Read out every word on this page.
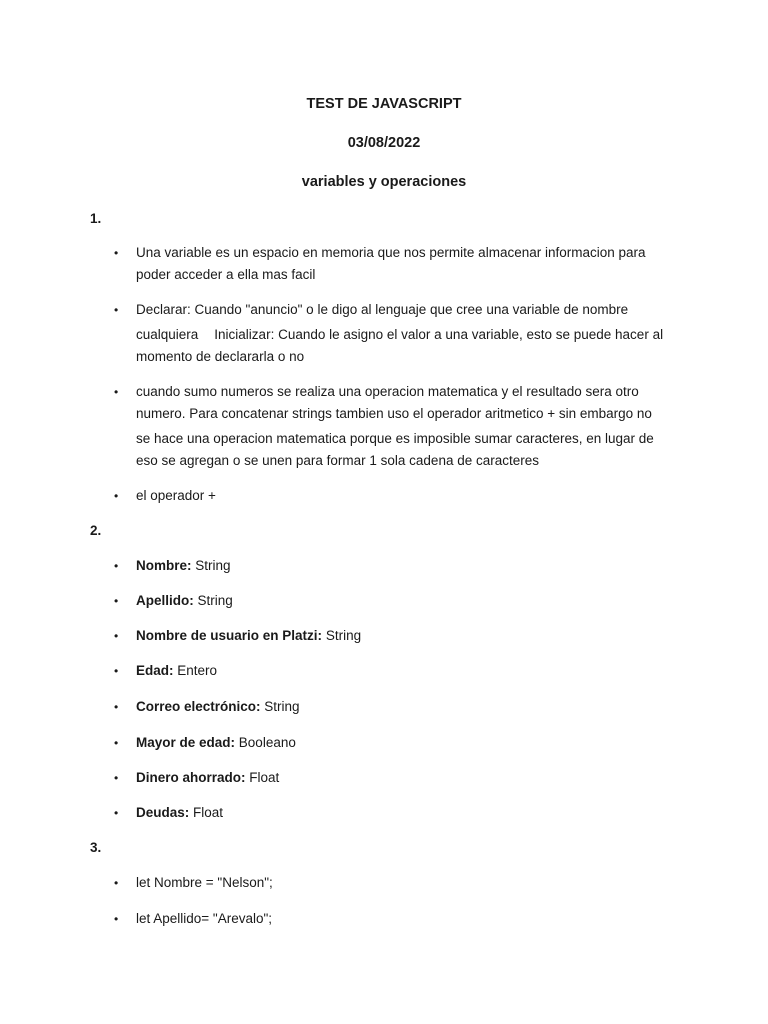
TEST DE JAVASCRIPT

03/08/2022

variables y operaciones

1.

• Una variable es un espacio en memoria que nos permite almacenar informacion para
poder acceder a ella mas facil
• Declarar: Cuando "anuncio" o le digo al lenguaje que cree una variable de nombre
cualquiera Inicializar: Cuando le asigno el valor a una variable, esto se puede hacer al
momento de declararla o no
• cuando sumo numeros se realiza una operacion matematica y el resultado sera otro
numero. Para concatenar strings tambien uso el operador aritmetico + sin embargo no
se hace una operacion matematica porque es imposible sumar caracteres, en lugar de
eso se agregan o se unen para formar 1 sola cadena de caracteres
• el operador +

2.

• Nombre: String
• Apellido: String
• Nombre de usuario en Platzi: String
• Edad: Entero
• Correo electrónico: String
• Mayor de edad: Booleano
• Dinero ahorrado: Float
• Deudas: Float

3.

• let Nombre = "Nelson";
• let Apellido= "Arevalo";
